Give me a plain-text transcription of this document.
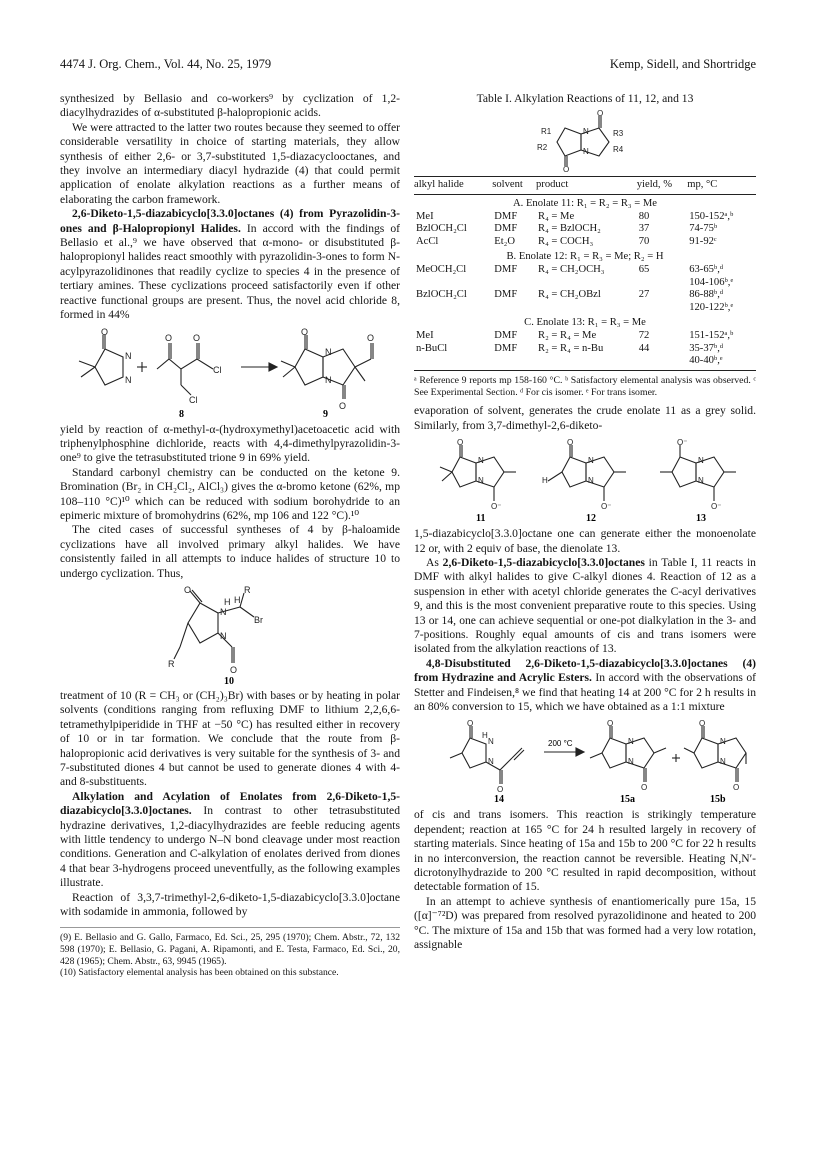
4474 J. Org. Chem., Vol. 44, No. 25, 1979	Kemp, Sidell, and Shortridge

synthesized by Bellasio and co-workers⁹ by cyclization of 1,2-diacylhydrazides of α-substituted β-halopropionic acids.

We were attracted to the latter two routes because they seemed to offer considerable versatility in choice of starting materials, they allow synthesis of either 2,6- or 3,7-substituted 1,5-diazacyclooctanes, and they involve an intermediary diacyl hydrazide (4) that could permit application of enolate alkylation reactions as a further means of elaborating the carbon framework.

2,6-Diketo-1,5-diazabicyclo[3.3.0]octanes (4) from Pyrazolidin-3-ones and β-Halopropionyl Halides. In accord with the findings of Bellasio et al.,⁹ we have observed that α-mono- or disubstituted β-halopropionyl halides react smoothly with pyrazolidin-3-ones to form N-acylpyrazolidinones that readily cyclize to species 4 in the presence of tertiary amines. These cyclizations proceed satisfactorily even if other reactive functional groups are present. Thus, the novel acid chloride 8, formed in 44%

O
N
N
O O
Cl
Cl
O
N
N
O
O
8	9

yield by reaction of α-methyl-α-(hydroxymethyl)acetoacetic acid with triphenylphosphine dichloride, reacts with 4,4-dimethylpyrazolidin-3-one⁹ to give the tetrasubstituted trione 9 in 69% yield.

Standard carbonyl chemistry can be conducted on the ketone 9. Bromination (Br₂ in CH₂Cl₂, AlCl₃) gives the α-bromo ketone (62%, mp 108–110 °C)¹⁰ which can be reduced with sodium borohydride to an epimeric mixture of bromohydrins (62%, mp 106 and 122 °C).¹⁰

The cited cases of successful syntheses of 4 by β-haloamide cyclizations have all involved primary alkyl halides. We have consistently failed in all attempts to induce halides of structure 10 to undergo cyclization. Thus,

O
N
N
H H
R
Br
O
R
10

treatment of 10 (R = CH₃ or (CH₂)₃Br) with bases or by heating in polar solvents (conditions ranging from refluxing DMF to lithium 2,2,6,6-tetramethylpiperidide in THF at −50 °C) has resulted either in recovery of 10 or in tar formation. We conclude that the route from β-halopropionic acid derivatives is very suitable for the synthesis of 3- and 7-substituted diones 4 but cannot be used to generate diones 4 with 4- and 8-substituents.

Alkylation and Acylation of Enolates from 2,6-Diketo-1,5-diazabicyclo[3.3.0]octanes. In contrast to other tetrasubstituted hydrazine derivatives, 1,2-diacylhydrazides are feeble reducing agents with little tendency to undergo N–N bond cleavage under most reaction conditions. Generation and C-alkylation of enolates derived from diones 4 that bear 3-hydrogens proceed uneventfully, as the following examples illustrate.

Reaction of 3,3,7-trimethyl-2,6-diketo-1,5-diazabicyclo[3.3.0]octane with sodamide in ammonia, followed by

(9) E. Bellasio and G. Gallo, Farmaco, Ed. Sci., 25, 295 (1970); Chem. Abstr., 72, 132 598 (1970); E. Bellasio, G. Pagani, A. Ripamonti, and E. Testa, Farmaco, Ed. Sci., 20, 428 (1965); Chem. Abstr., 63, 9945 (1965).

(10) Satisfactory elemental analysis has been obtained on this substance.

Table I. Alkylation Reactions of 11, 12, and 13
O
O
N
N
R1
R2
R3
R4
alkyl halide	solvent	product	yield, %	mp, °C
A. Enolate 11: R₁ = R₂ = R₃ = Me				
MeI	DMF	R₄ = Me	80	150-152ᵃ,ᵇ
BzlOCH₂Cl	DMF	R₄ = BzlOCH₂	37	74-75ᵇ
AcCl	Et₂O	R₄ = COCH₃	70	91-92ᶜ
B. Enolate 12: R₁ = R₃ = Me; R₂ = H				
MeOCH₂Cl	DMF	R₄ = CH₂OCH₃	65	63-65ᵇ,ᵈ
				104-106ᵇ,ᵉ
BzlOCH₂Cl	DMF	R₄ = CH₂OBzl	27	86-88ᵇ,ᵈ
				120-122ᵇ,ᵉ
C. Enolate 13: R₁ = R₃ = Me				
MeI	DMF	R₂ = R₄ = Me	72	151-152ᵃ,ᵇ
n-BuCl	DMF	R₂ = R₄ = n-Bu	44	35-37ᵇ,ᵈ
				40-40ᵇ,ᵉ
ᵃ Reference 9 reports mp 158-160 °C. ᵇ Satisfactory elemental analysis was observed. ᶜ See Experimental Section. ᵈ For cis isomer. ᵉ For trans isomer.

evaporation of solvent, generates the crude enolate 11 as a grey solid. Similarly, from 3,7-dimethyl-2,6-diketo-

O
N
N
O⁻
O
N
N
O⁻
H
O⁻
N
N
O⁻
11	12	13

1,5-diazabicyclo[3.3.0]octane one can generate either the monoenolate 12 or, with 2 equiv of base, the dienolate 13.

As 2,6-Diketo-1,5-diazabicyclo[3.3.0]octanes in Table I, 11 reacts in DMF with alkyl halides to give C-alkyl diones 4. Reaction of 12 as a suspension in ether with acetyl chloride generates the C-acyl derivatives 9, and this is the most convenient preparative route to this species. Using 13 or 14, one can achieve sequential or one-pot dialkylation in the 3- and 7-positions. Roughly equal amounts of cis and trans isomers were isolated from the alkylation reactions of 13.

4,8-Disubstituted 2,6-Diketo-1,5-diazabicyclo[3.3.0]octanes (4) from Hydrazine and Acrylic Esters. In accord with the observations of Stetter and Findeisen,⁸ we find that heating 14 at 200 °C for 2 h results in an 80% conversion to 15, which we have obtained as a 1:1 mixture

O
N
N
H
O
O
N
N
O
O
N
N
O
200 °C
14	15a	15b

of cis and trans isomers. This reaction is strikingly temperature dependent; reaction at 165 °C for 24 h resulted largely in recovery of starting materials. Since heating of 15a and 15b to 200 °C for 22 h results in no interconversion, the reaction cannot be reversible. Heating N,N′-dicrotonylhydrazide to 200 °C resulted in rapid decomposition, without detectable formation of 15.

In an attempt to achieve synthesis of enantiomerically pure 15a, 15 ([α]⁻⁷²D) was prepared from resolved pyrazolidinone and heated to 200 °C. The mixture of 15a and 15b that was formed had a very low rotation, assignable
